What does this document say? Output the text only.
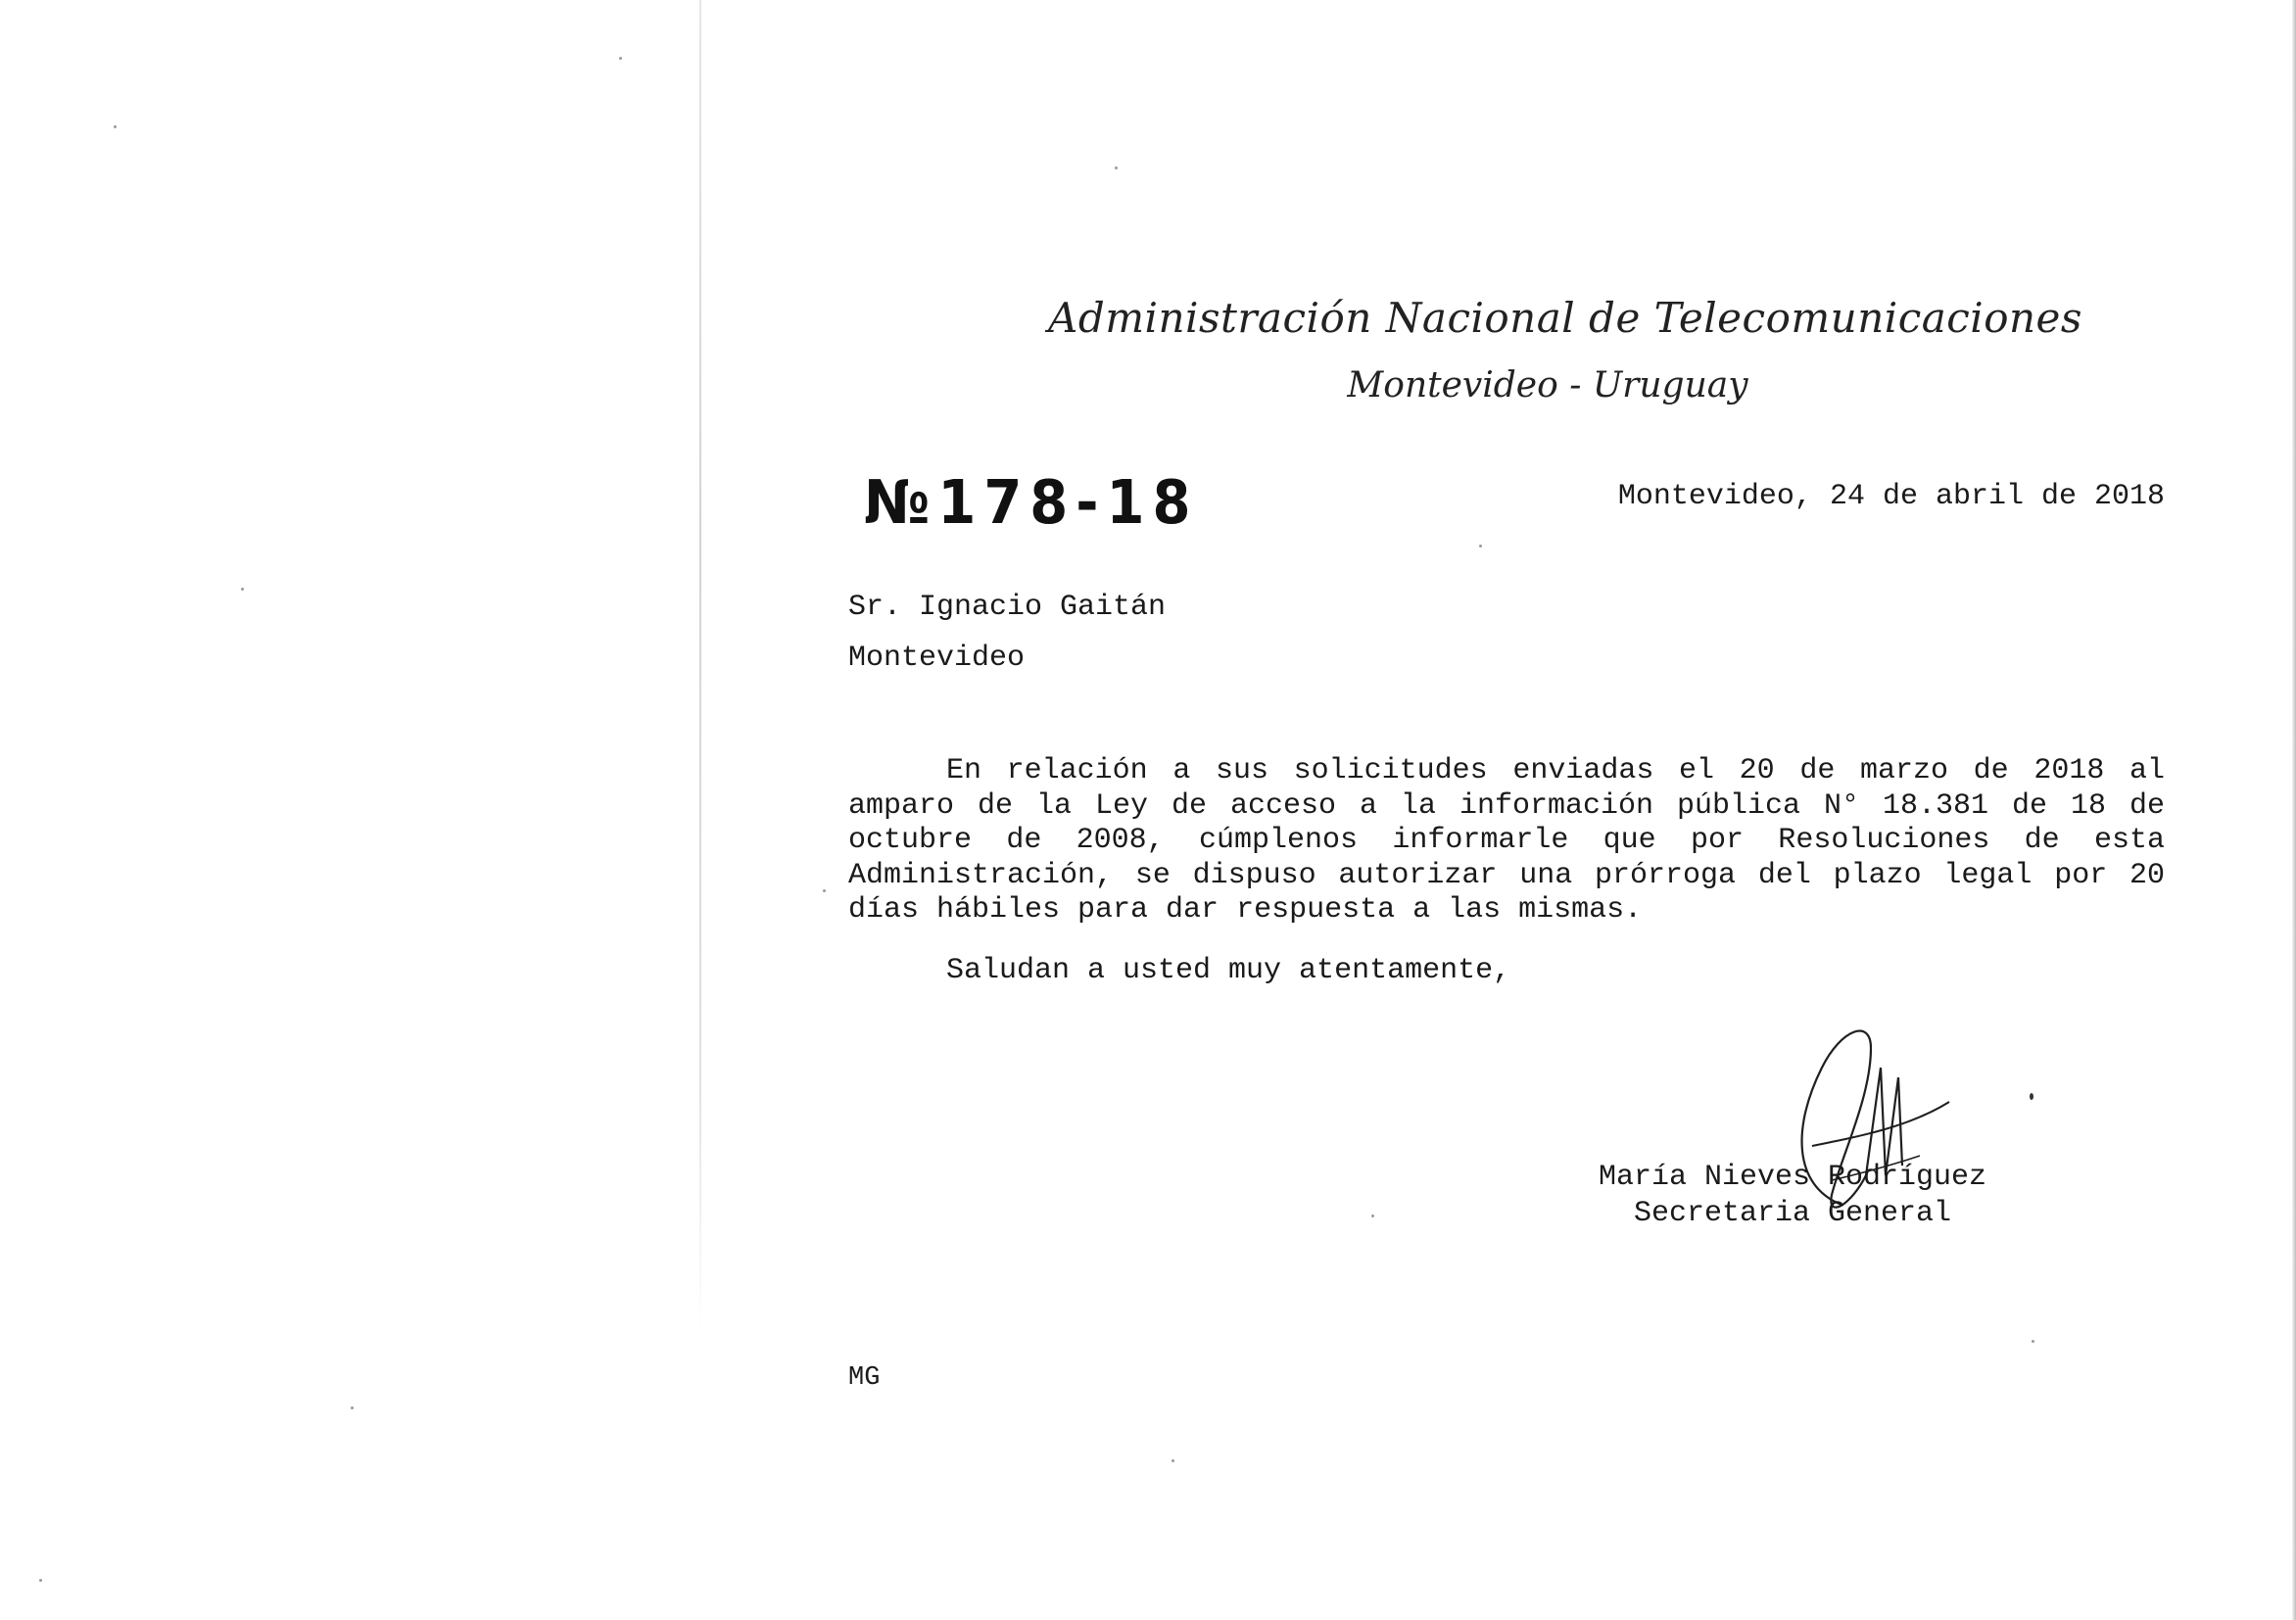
Administración Nacional de Telecomunicaciones
Montevideo - Uruguay
№178-18	Montevideo, 24 de abril de 2018
Sr. Ignacio Gaitán
Montevideo

En relación a sus solicitudes enviadas el 20 de marzo de 2018 al amparo de la Ley de acceso a la información pública N° 18.381 de 18 de octubre de 2008, cúmplenos informarle que por Resoluciones de esta Administración, se dispuso autorizar una prórroga del plazo legal por 20 días hábiles para dar respuesta a las mismas.

Saludan a usted muy atentamente,
María Nieves Rodríguez
Secretaria General
MG
